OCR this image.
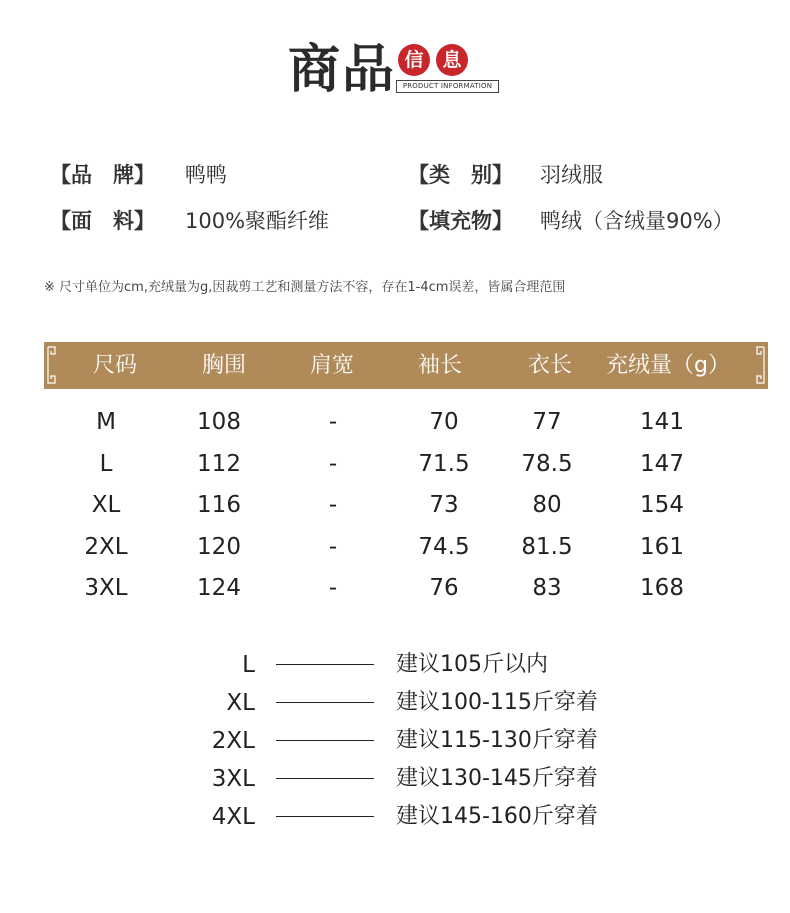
商品 信 息
PRODUCT INFORMATION
【品　牌】 鸭鸭	【类　别】 羽绒服
【面　料】 100%聚酯纤维	【填充物】 鸭绒（含绒量90%）
※ 尺寸单位为cm,充绒量为g,因裁剪工艺和测量方法不容，存在1-4cm误差，皆属合理范围
尺码	胸围	肩宽	袖长	衣长 充绒量（g）
M	108	-	70	77	141
L	112	-	71.5 78.5	147
XL	116	-	73	80	154
2XL	120	-	74.5 81.5	161
3XL	124	-	76	83	168
L	建议105斤以内
XL	建议100-115斤穿着
2XL	建议115-130斤穿着
3XL	建议130-145斤穿着
4XL	建议145-160斤穿着
